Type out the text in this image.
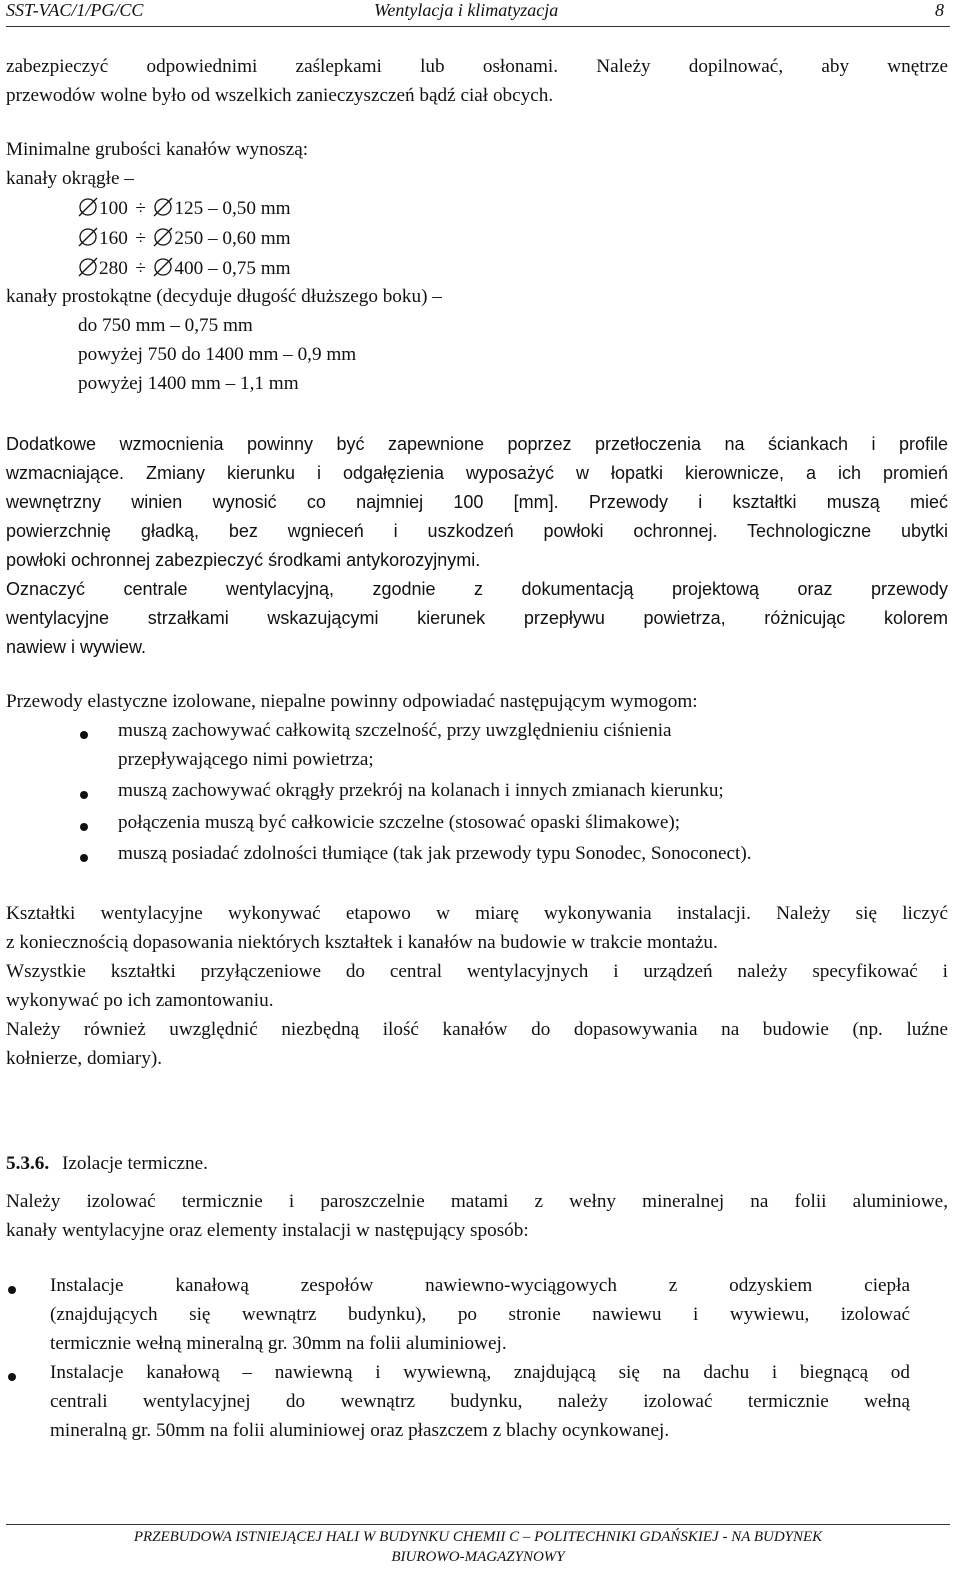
SST-VAC/1/PG/CC	Wentylacja i klimatyzacja	8
zabezpieczyć odpowiednimi zaślepkami lub osłonami. Należy dopilnować, aby wnętrze
przewodów wolne było od wszelkich zanieczyszczeń bądź ciał obcych.
Minimalne grubości kanałów wynoszą:
kanały okrągłe –
100 ÷ 125 – 0,50 mm
160 ÷ 250 – 0,60 mm
280 ÷ 400 – 0,75 mm
kanały prostokątne (decyduje długość dłuższego boku) –
do 750 mm – 0,75 mm
powyżej 750 do 1400 mm – 0,9 mm
powyżej 1400 mm – 1,1 mm
Dodatkowe wzmocnienia powinny być zapewnione poprzez przetłoczenia na ściankach i profile
wzmacniające. Zmiany kierunku i odgałęzienia wyposażyć w łopatki kierownicze, a ich promień
wewnętrzny winien wynosić co najmniej 100 [mm]. Przewody i kształtki muszą mieć
powierzchnię gładką, bez wgnieceń i uszkodzeń powłoki ochronnej. Technologiczne ubytki
powłoki ochronnej zabezpieczyć środkami antykorozyjnymi.
Oznaczyć centrale wentylacyjną, zgodnie z dokumentacją projektową oraz przewody
wentylacyjne strzałkami wskazującymi kierunek przepływu powietrza, różnicując kolorem
nawiew i wywiew.
Przewody elastyczne izolowane, niepalne powinny odpowiadać następującym wymogom:
muszą zachowywać całkowitą szczelność, przy uwzględnieniu ciśnienia
przepływającego nimi powietrza;
muszą zachowywać okrągły przekrój na kolanach i innych zmianach kierunku;
połączenia muszą być całkowicie szczelne (stosować opaski ślimakowe);
muszą posiadać zdolności tłumiące (tak jak przewody typu Sonodec, Sonoconect).
Kształtki wentylacyjne wykonywać etapowo w miarę wykonywania instalacji. Należy się liczyć
z koniecznością dopasowania niektórych kształtek i kanałów na budowie w trakcie montażu.
Wszystkie kształtki przyłączeniowe do central wentylacyjnych i urządzeń należy specyfikować i
wykonywać po ich zamontowaniu.
Należy również uwzględnić niezbędną ilość kanałów do dopasowywania na budowie (np. luźne
kołnierze, domiary).
5.3.6. Izolacje termiczne.
Należy izolować termicznie i paroszczelnie matami z wełny mineralnej na folii aluminiowe,
kanały wentylacyjne oraz elementy instalacji w następujący sposób:
Instalacje kanałową zespołów nawiewno-wyciągowych z odzyskiem ciepła
(znajdujących się wewnątrz budynku), po stronie nawiewu i wywiewu, izolować
termicznie wełną mineralną gr. 30mm na folii aluminiowej.
Instalacje kanałową – nawiewną i wywiewną, znajdującą się na dachu i biegnącą od
centrali wentylacyjnej do wewnątrz budynku, należy izolować termicznie wełną
mineralną gr. 50mm na folii aluminiowej oraz płaszczem z blachy ocynkowanej.
PRZEBUDOWA ISTNIEJĄCEJ HALI W BUDYNKU CHEMII C – POLITECHNIKI GDAŃSKIEJ - NA BUDYNEK
BIUROWO-MAGAZYNOWY
